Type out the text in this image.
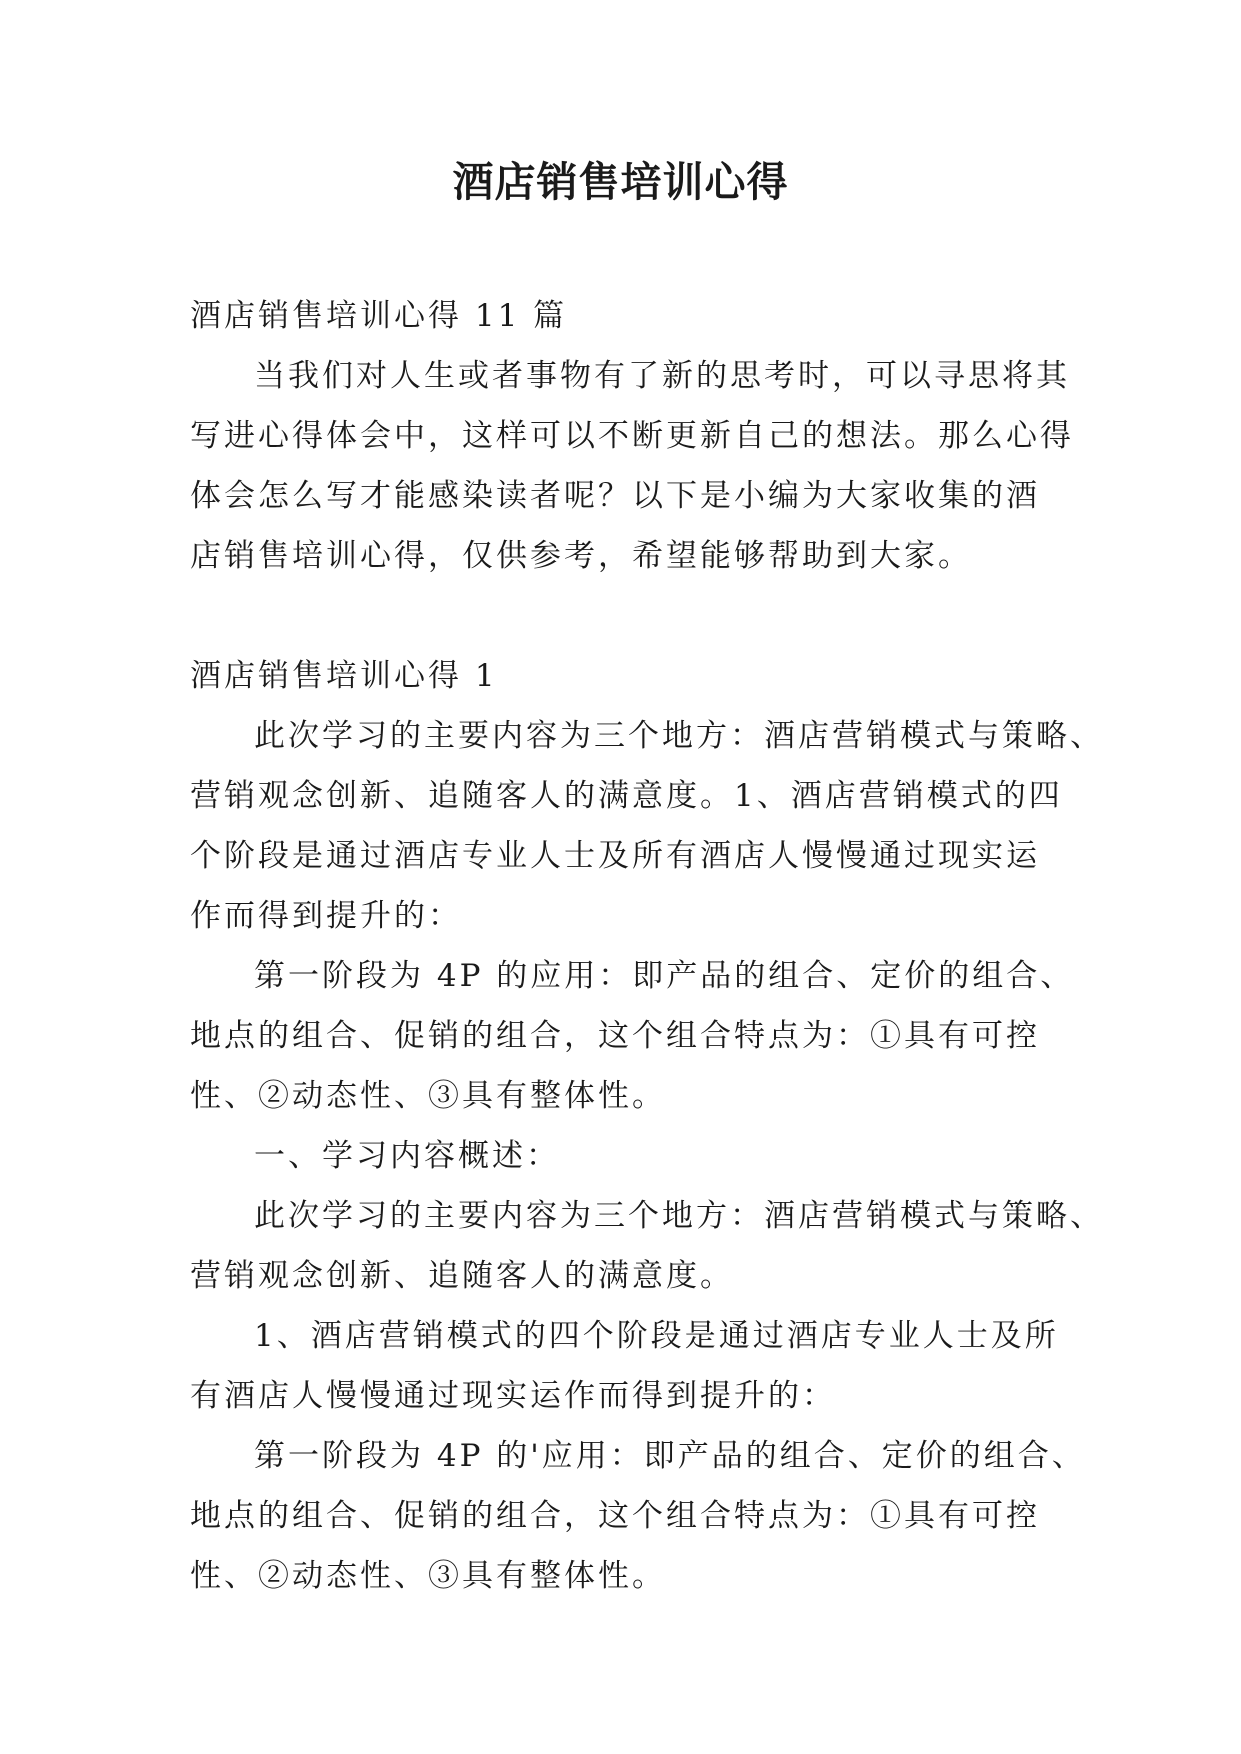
酒店销售培训心得
酒店销售培训心得 11 篇
当我们对人生或者事物有了新的思考时，可以寻思将其
写进心得体会中，这样可以不断更新自己的想法。那么心得
体会怎么写才能感染读者呢？以下是小编为大家收集的酒
店销售培训心得，仅供参考，希望能够帮助到大家。
酒店销售培训心得 1
此次学习的主要内容为三个地方：酒店营销模式与策略、
营销观念创新、追随客人的满意度。1、酒店营销模式的四
个阶段是通过酒店专业人士及所有酒店人慢慢通过现实运
作而得到提升的：
第一阶段为 4P 的应用：即产品的组合、定价的组合、
地点的组合、促销的组合，这个组合特点为：①具有可控
性、②动态性、③具有整体性。
一、学习内容概述：
此次学习的主要内容为三个地方：酒店营销模式与策略、
营销观念创新、追随客人的满意度。
1、酒店营销模式的四个阶段是通过酒店专业人士及所
有酒店人慢慢通过现实运作而得到提升的：
第一阶段为 4P 的'应用：即产品的组合、定价的组合、
地点的组合、促销的组合，这个组合特点为：①具有可控
性、②动态性、③具有整体性。
